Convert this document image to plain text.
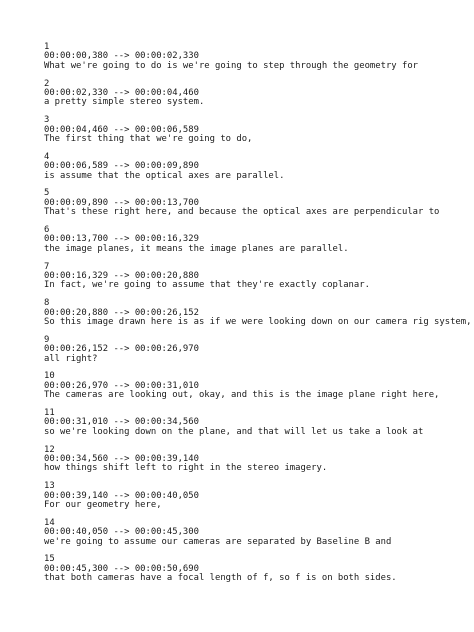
1
00:00:00,380 --> 00:00:02,330
What we're going to do is we're going to step through the geometry for
2
00:00:02,330 --> 00:00:04,460
a pretty simple stereo system.
3
00:00:04,460 --> 00:00:06,589
The first thing that we're going to do,
4
00:00:06,589 --> 00:00:09,890
is assume that the optical axes are parallel.
5
00:00:09,890 --> 00:00:13,700
That's these right here, and because the optical axes are perpendicular to
6
00:00:13,700 --> 00:00:16,329
the image planes, it means the image planes are parallel.
7
00:00:16,329 --> 00:00:20,880
In fact, we're going to assume that they're exactly coplanar.
8
00:00:20,880 --> 00:00:26,152
So this image drawn here is as if we were looking down on our camera rig system,
9
00:00:26,152 --> 00:00:26,970
all right?
10
00:00:26,970 --> 00:00:31,010
The cameras are looking out, okay, and this is the image plane right here,
11
00:00:31,010 --> 00:00:34,560
so we're looking down on the plane, and that will let us take a look at
12
00:00:34,560 --> 00:00:39,140
how things shift left to right in the stereo imagery.
13
00:00:39,140 --> 00:00:40,050
For our geometry here,
14
00:00:40,050 --> 00:00:45,300
we're going to assume our cameras are separated by Baseline B and
15
00:00:45,300 --> 00:00:50,690
that both cameras have a focal length of f, so f is on both sides.
